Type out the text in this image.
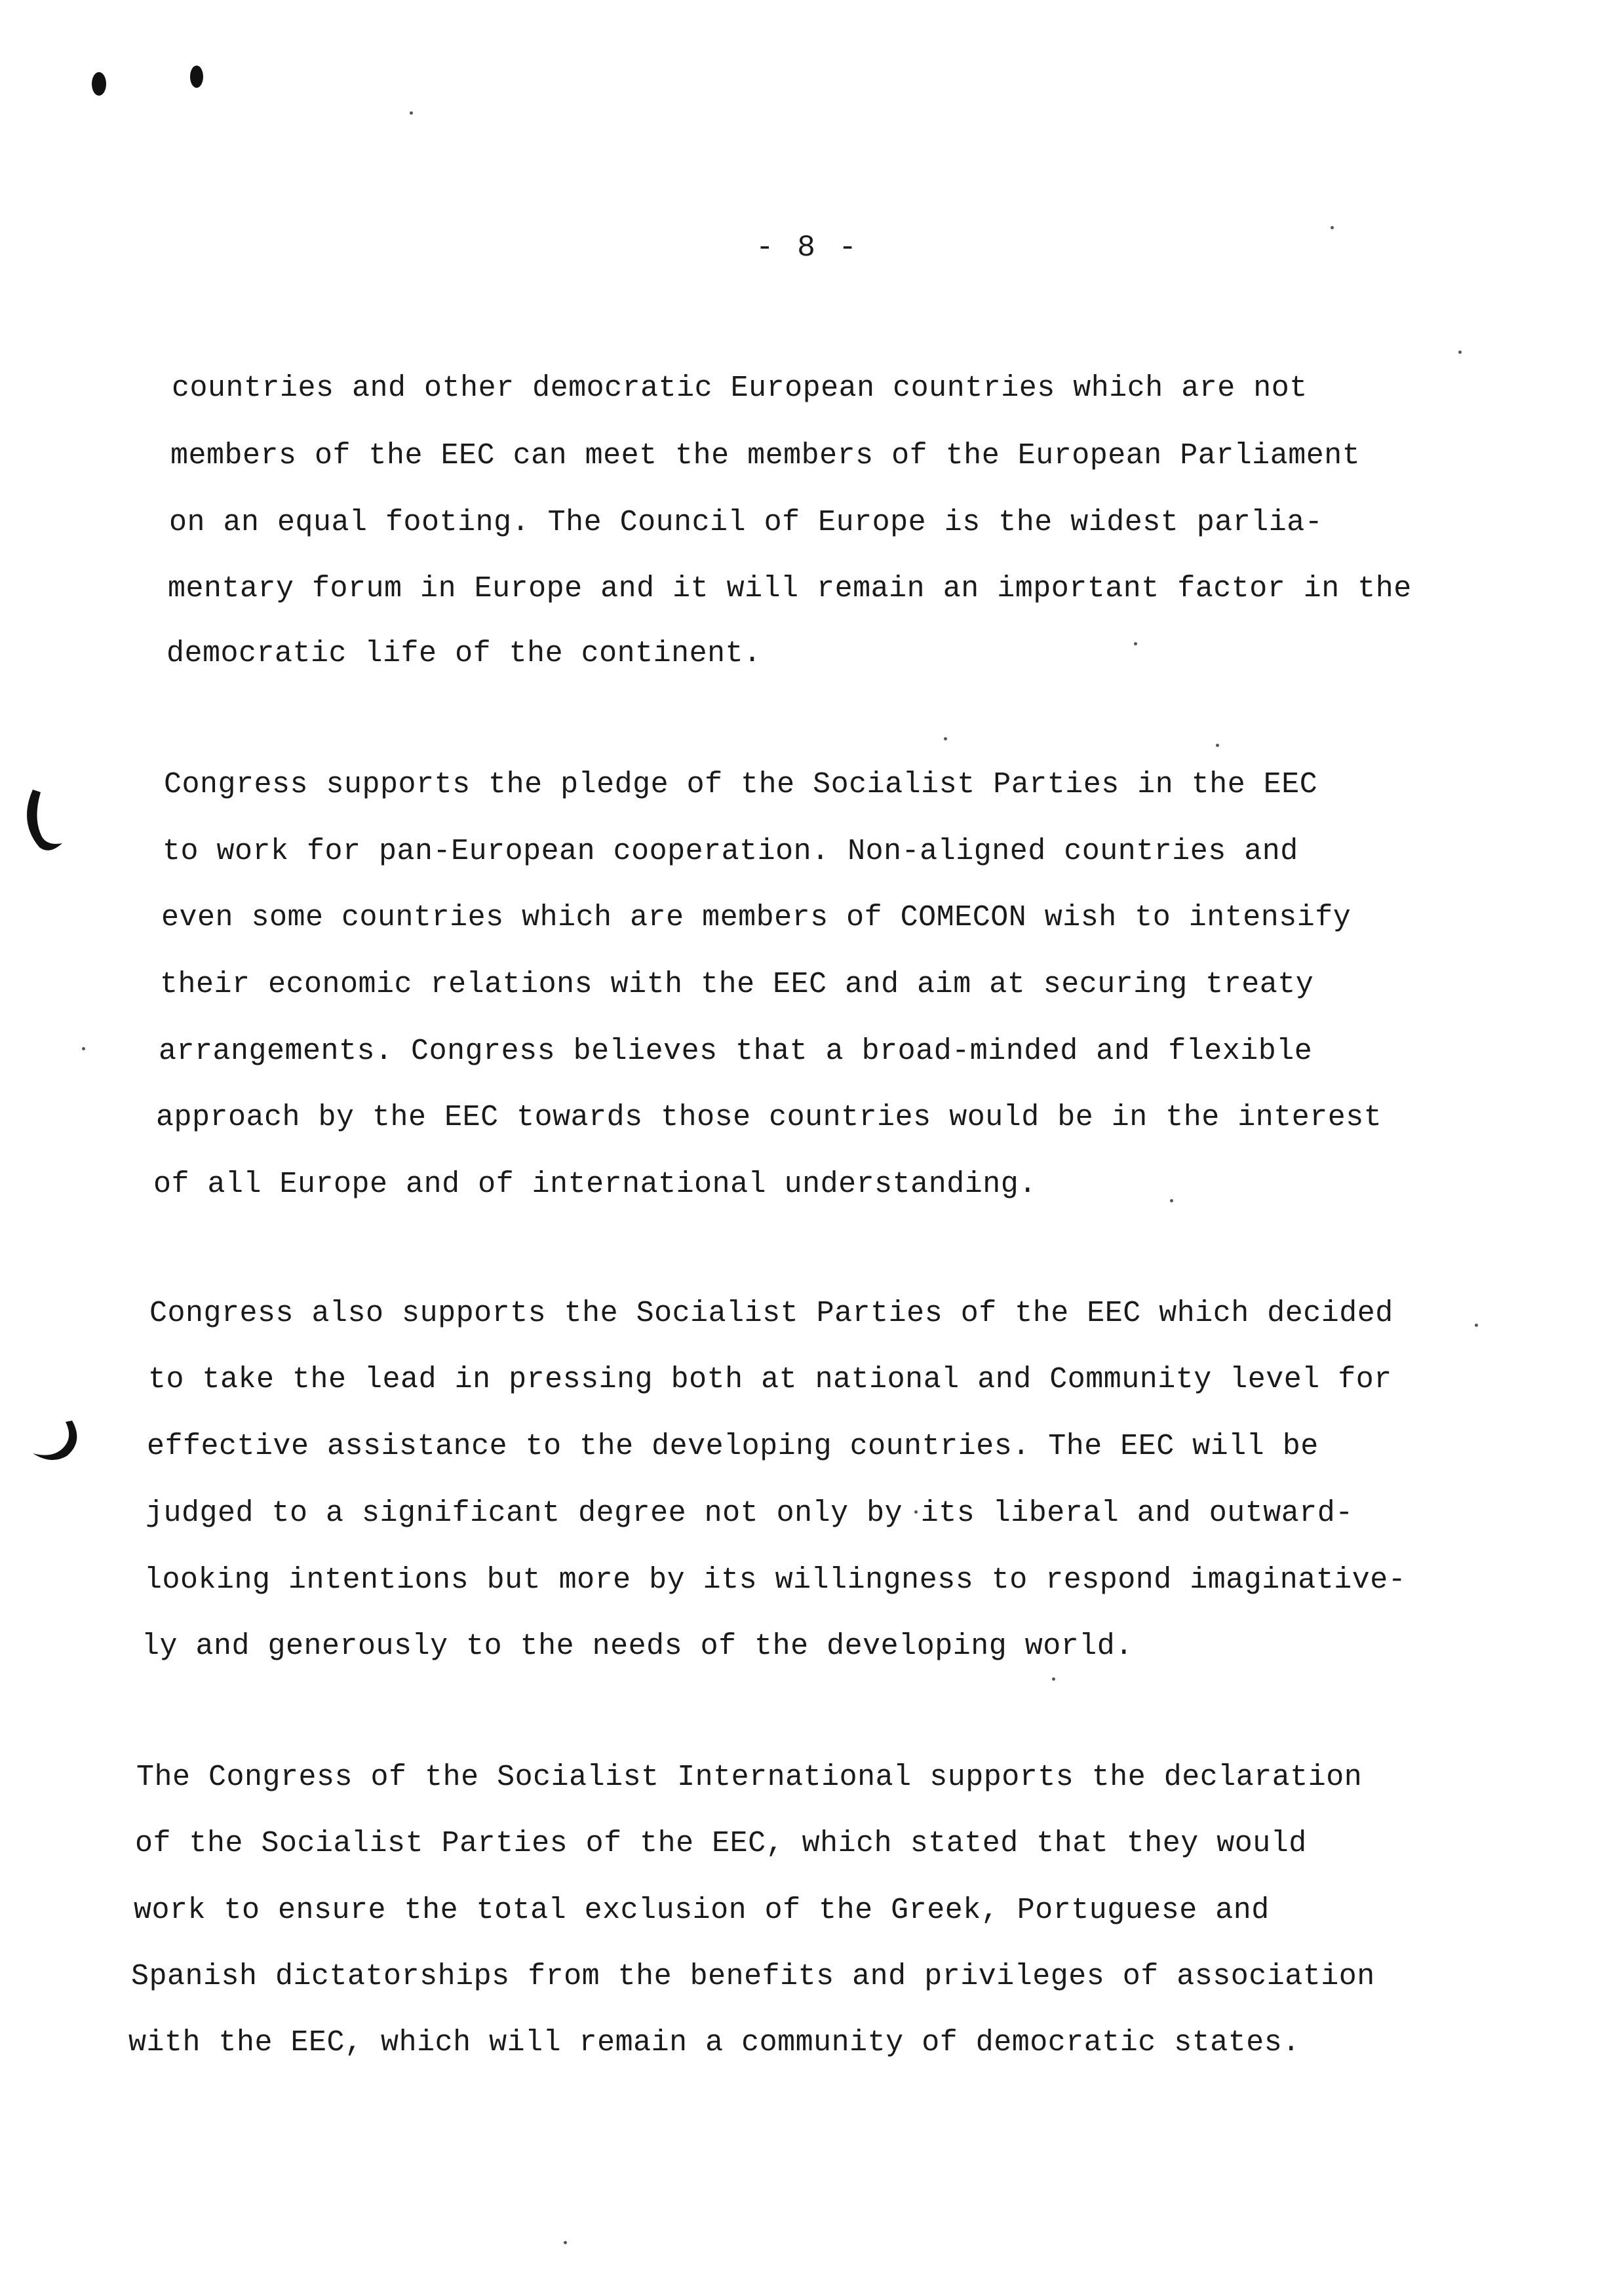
- 8 -
countries and other democratic European countries which are not
members of the EEC can meet the members of the European Parliament
on an equal footing. The Council of Europe is the widest parlia-
mentary forum in Europe and it will remain an important factor in the
democratic life of the continent.
Congress supports the pledge of the Socialist Parties in the EEC
to work for pan-European cooperation. Non-aligned countries and
even some countries which are members of COMECON wish to intensify
their economic relations with the EEC and aim at securing treaty
arrangements. Congress believes that a broad-minded and flexible
approach by the EEC towards those countries would be in the interest
of all Europe and of international understanding.
Congress also supports the Socialist Parties of the EEC which decided
to take the lead in pressing both at national and Community level for
effective assistance to the developing countries. The EEC will be
judged to a significant degree not only by its liberal and outward-
looking intentions but more by its willingness to respond imaginative-
ly and generously to the needs of the developing world.
The Congress of the Socialist International supports the declaration
of the Socialist Parties of the EEC, which stated that they would
work to ensure the total exclusion of the Greek, Portuguese and
Spanish dictatorships from the benefits and privileges of association
with the EEC, which will remain a community of democratic states.
